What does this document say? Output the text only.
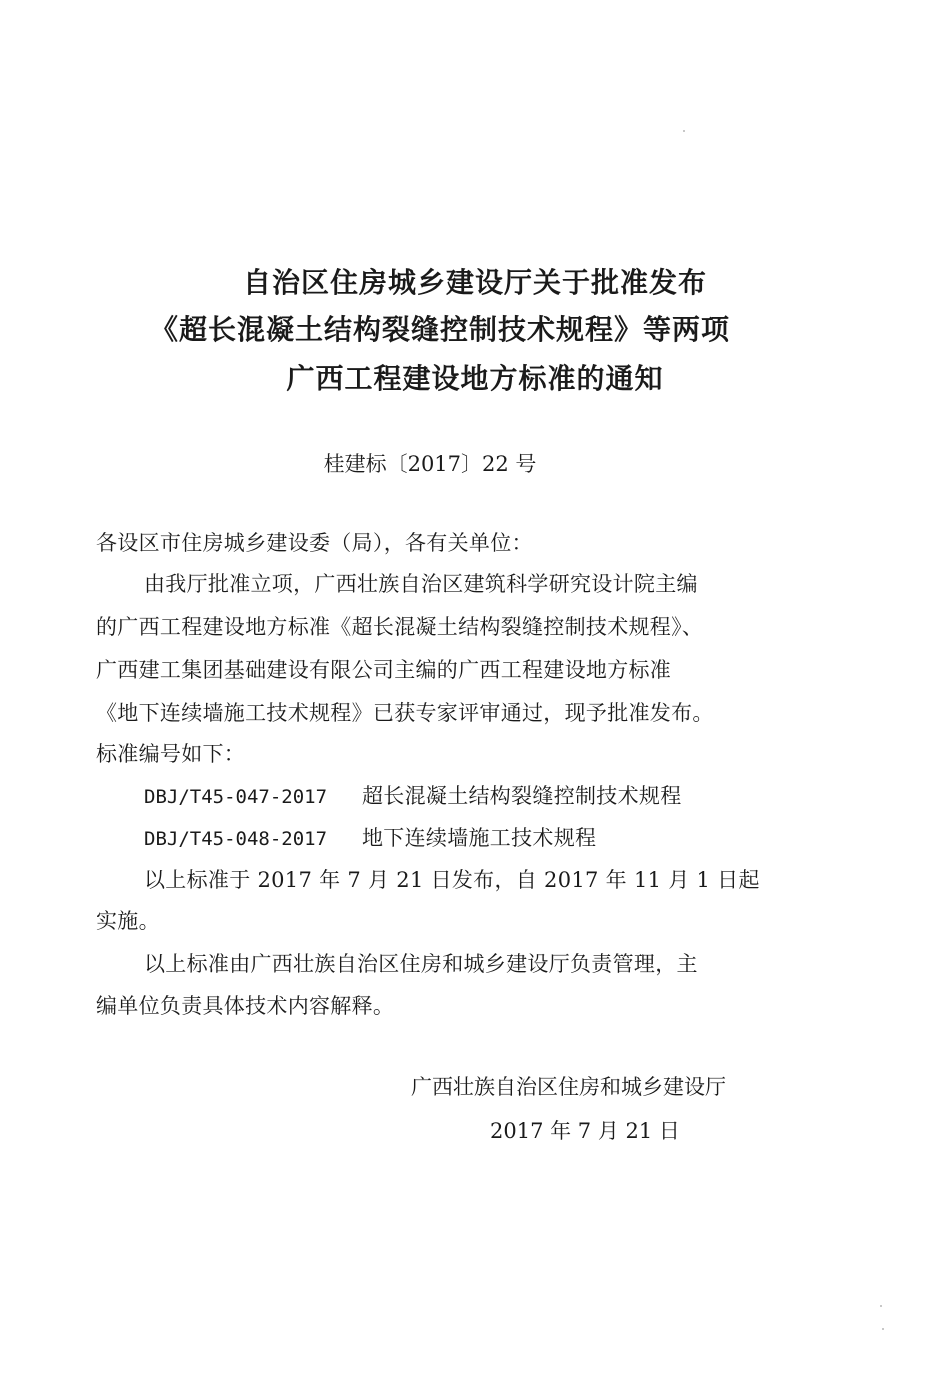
自治区住房城乡建设厅关于批准发布
《超长混凝土结构裂缝控制技术规程》等两项
广西工程建设地方标准的通知
桂建标〔2017〕22 号
各设区市住房城乡建设委（局），各有关单位：
由我厅批准立项，广西壮族自治区建筑科学研究设计院主编
的广西工程建设地方标准《超长混凝土结构裂缝控制技术规程》、
广西建工集团基础建设有限公司主编的广西工程建设地方标准
《地下连续墙施工技术规程》已获专家评审通过，现予批准发布。
标准编号如下：
DBJ/T45-047-2017 超长混凝土结构裂缝控制技术规程
DBJ/T45-048-2017 地下连续墙施工技术规程
以上标准于 2017 年 7 月 21 日发布，自 2017 年 11 月 1 日起
实施。
以上标准由广西壮族自治区住房和城乡建设厅负责管理，主
编单位负责具体技术内容解释。
广西壮族自治区住房和城乡建设厅
2017 年 7 月 21 日
